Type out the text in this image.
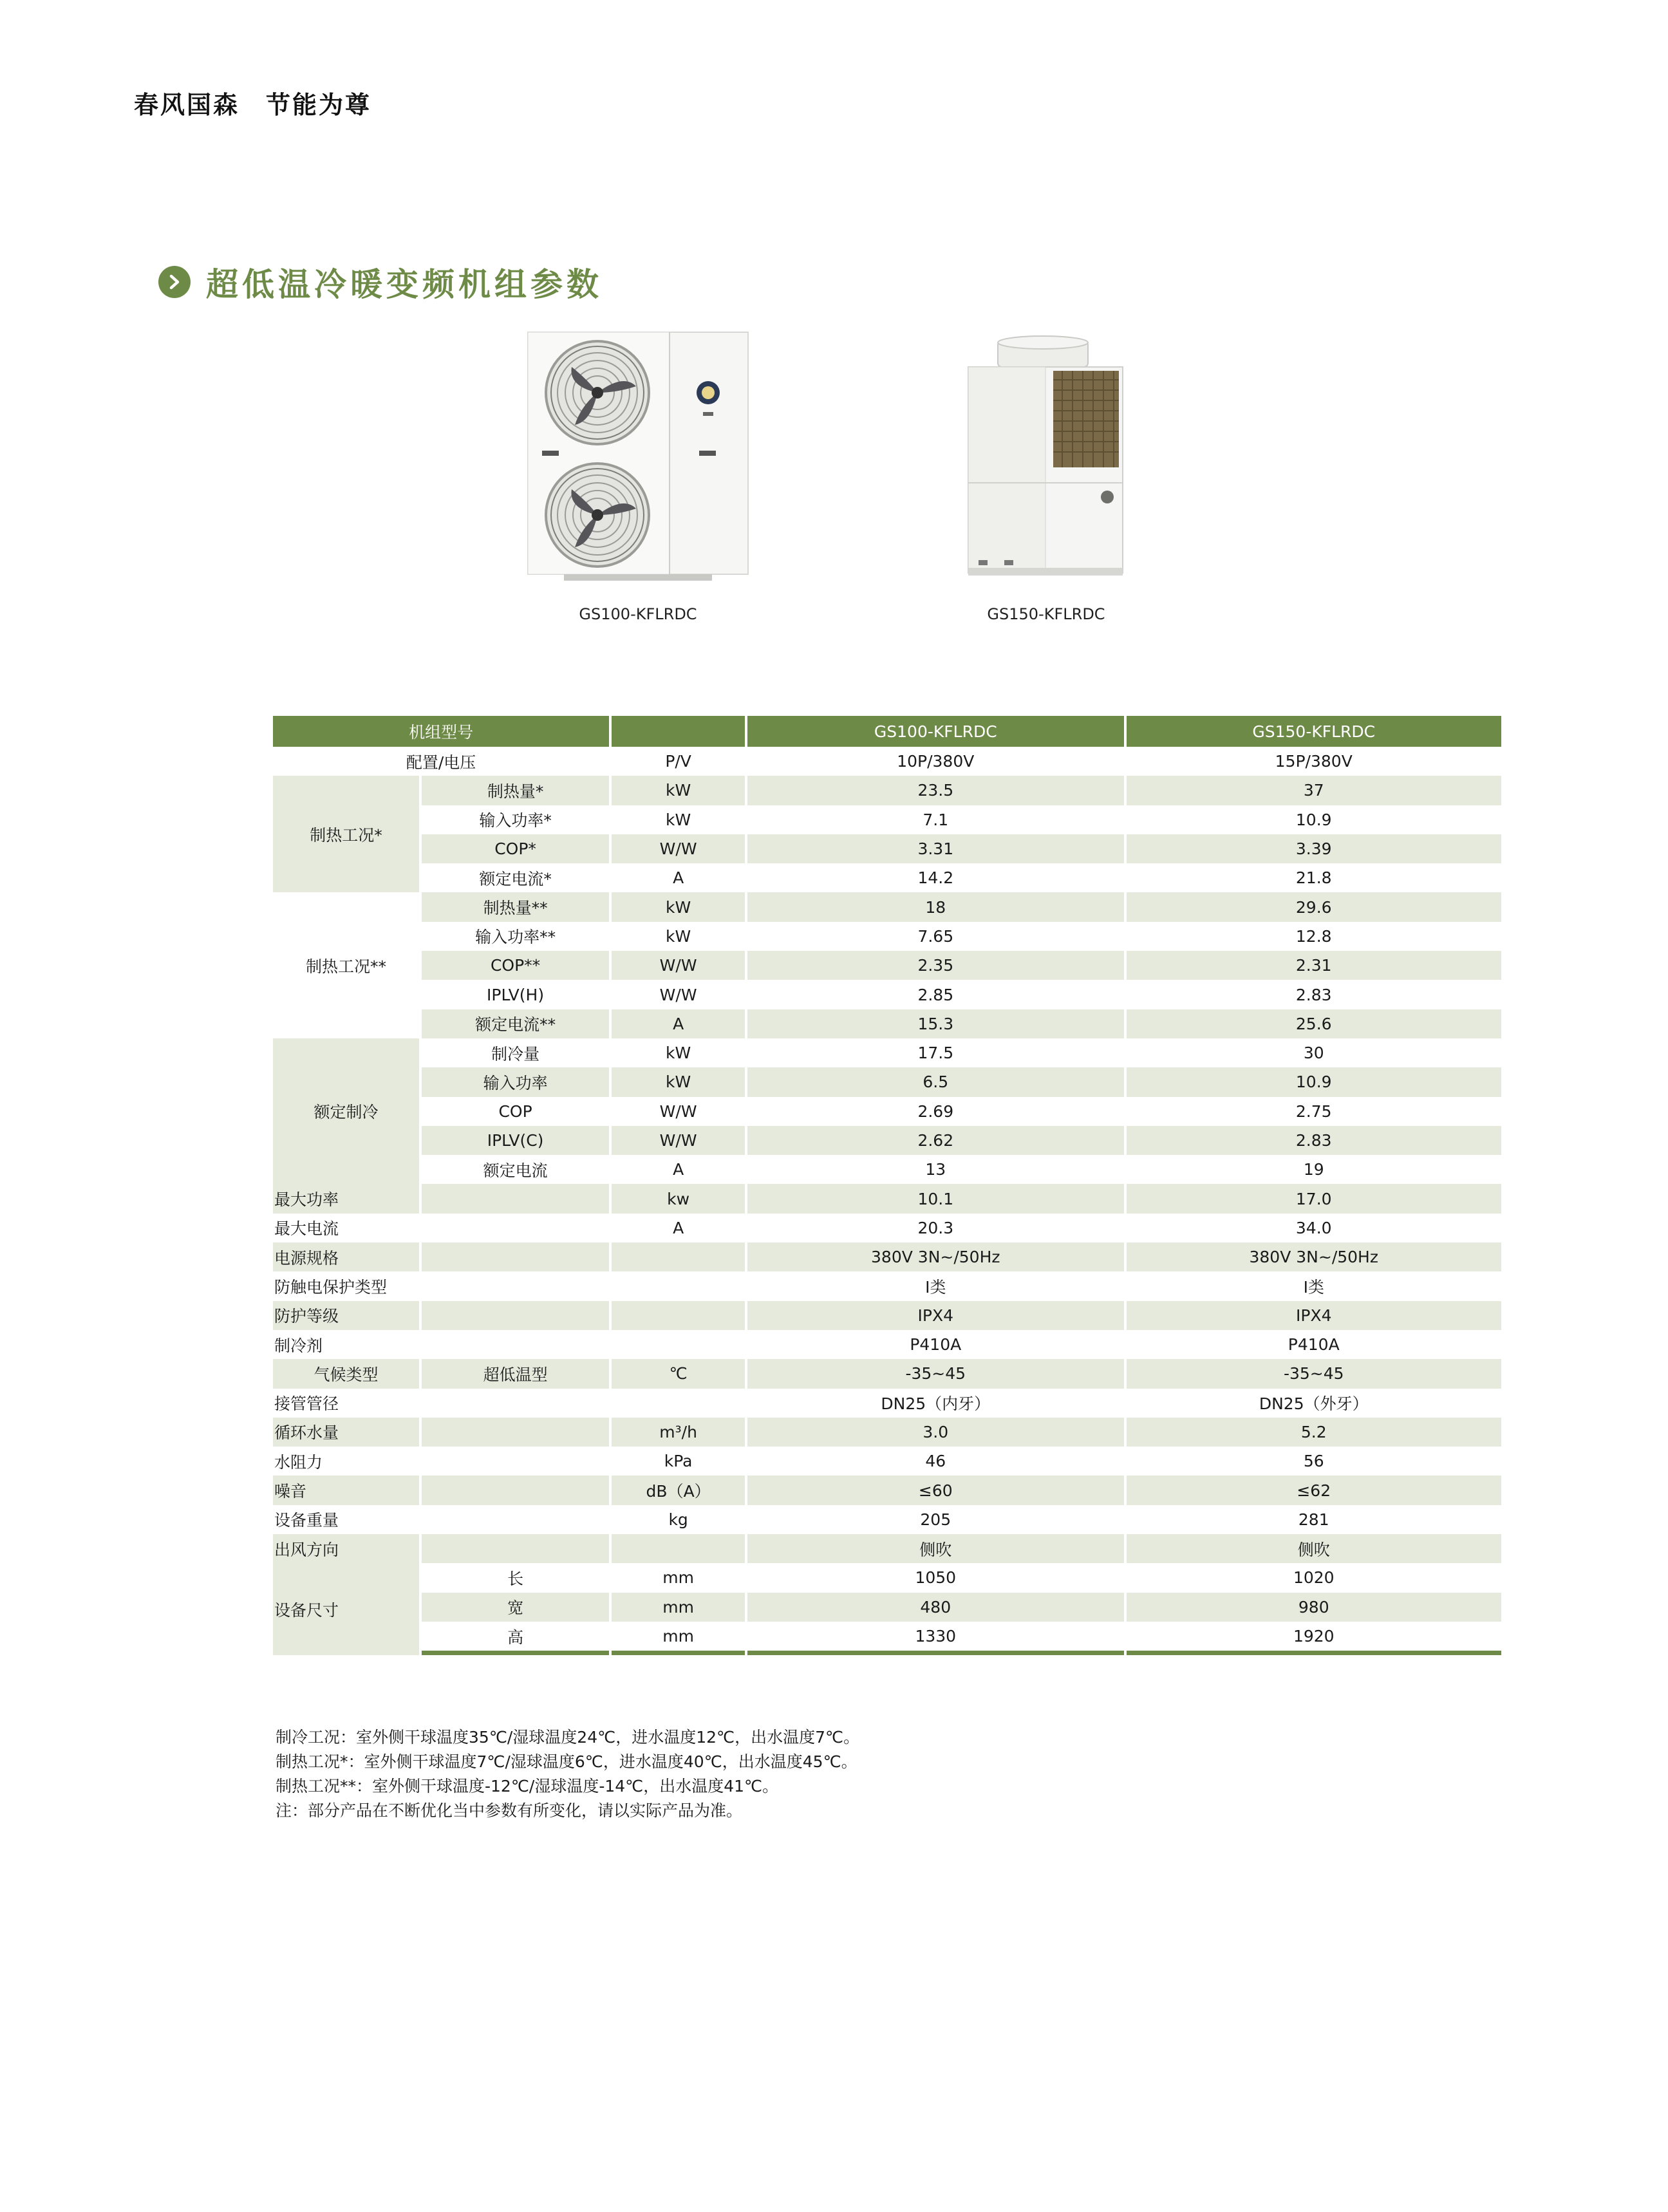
春风国森　节能为尊
超低温冷暖变频机组参数
GS100-KFLRDC	GS150-KFLRDC
机组型号			GS100-KFLRDC	GS150-KFLRDC
配置/电压		P/V	10P/380V	15P/380V
制热工况*	制热量*	kW	23.5	37
	输入功率*	kW	7.1	10.9
	COP*	W/W	3.31	3.39
	额定电流*	A	14.2	21.8
制热工况**	制热量**	kW	18	29.6
	输入功率**	kW	7.65	12.8
	COP**	W/W	2.35	2.31
	IPLV(H)	W/W	2.85	2.83
	额定电流**	A	15.3	25.6
额定制冷	制冷量	kW	17.5	30
	输入功率	kW	6.5	10.9
	COP	W/W	2.69	2.75
	IPLV(C)	W/W	2.62	2.83
	额定电流	A	13	19
最大功率		kw	10.1	17.0
最大电流		A	20.3	34.0
电源规格			380V 3N~/50Hz	380V 3N~/50Hz
防触电保护类型			I类	I类
防护等级			IPX4	IPX4
制冷剂			P410A	P410A
气候类型	超低温型	℃	-35~45	-35~45
接管管径			DN25（内牙）	DN25（外牙）
循环水量		m³/h	3.0	5.2
水阻力		kPa	46	56
噪音		dB（A）	≤60	≤62
设备重量		kg	205	281
出风方向			侧吹	侧吹
设备尺寸	长	mm	1050	1020
	宽	mm	480	980
	高	mm	1330	1920
制冷工况：室外侧干球温度35℃/湿球温度24℃，进水温度12℃，出水温度7℃。
制热工况*：室外侧干球温度7℃/湿球温度6℃，进水温度40℃，出水温度45℃。
制热工况**：室外侧干球温度-12℃/湿球温度-14℃，出水温度41℃。
注：部分产品在不断优化当中参数有所变化，请以实际产品为准。
